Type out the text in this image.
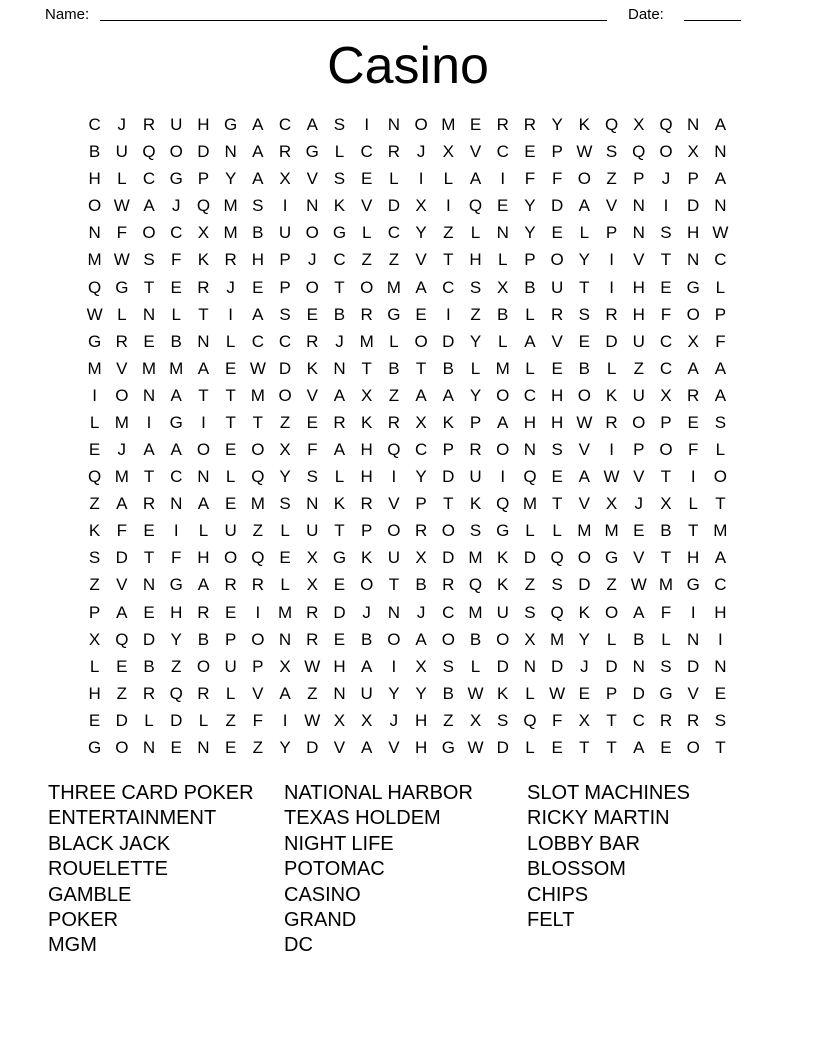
Name:	Date:
Casino
C J R U H G A C A S	I	N O M E R R Y K Q X Q N A
B U Q O D N A R G L C R J	X V C E P W S Q O X N
H L C G P Y A X V S E L	I	L A	I	F F O Z P	J	P A
O W A	J Q M S	I	N K V D X	I	Q E Y D A V N	I	D N
N F O C X M B U O G L C Y Z	L N Y E L P N S H W
M W S F K R H P	J C Z Z V T H L P O Y	I	V T N C
Q G T E R J	E P O T O M A C S X B U T	I	H E G L
W L N L	T	I	A S E B R G E	I	Z B L R S R H F O P
G R E B N L C C R J M L O D Y L A V E D U C X F
M V M M A E W D K N T B T B L M L E B L	Z C A A
I	O N A T T M O V A X Z A A Y O C H O K U X R A
L M	I	G	I	T T Z E R K R X K P A H H W R O P E S
E	J	A A O E O X F A H Q C P R O N S V	I	P O F	L
Q M T C N L Q Y S L H	I	Y D U	I	Q E A W V T	I	O
Z A R N A E M S N K R V P T K Q M T V X	J	X L	T
K F E	I	L U Z	L U T P O R O S G L	L M M E B T M
S D T F H O Q E X G K U X D M K D Q O G V T H A
Z V N G A R R L X E O T B R Q K Z S D Z W M G C
P A E H R E	I	M R D J N J C M U S Q K O A F	I	H
X Q D Y B P O N R E B O A O B O X M Y L B L N	I
L E B Z O U P X W H A	I	X S L D N D J D N S D N
H Z R Q R L V A Z N U Y Y B W K L W E P D G V E
E D L D L	Z F	I W X X	J H Z X S Q F X T C R R S
G O N E N E Z Y D V A V H G W D L E T T A E O T
THREE CARD POKER
ENTERTAINMENT
BLACK JACK
ROUELETTE
GAMBLE
POKER
MGM
NATIONAL HARBOR
TEXAS HOLDEM
NIGHT LIFE
POTOMAC
CASINO
GRAND
DC
SLOT MACHINES
RICKY MARTIN
LOBBY BAR
BLOSSOM
CHIPS
FELT
